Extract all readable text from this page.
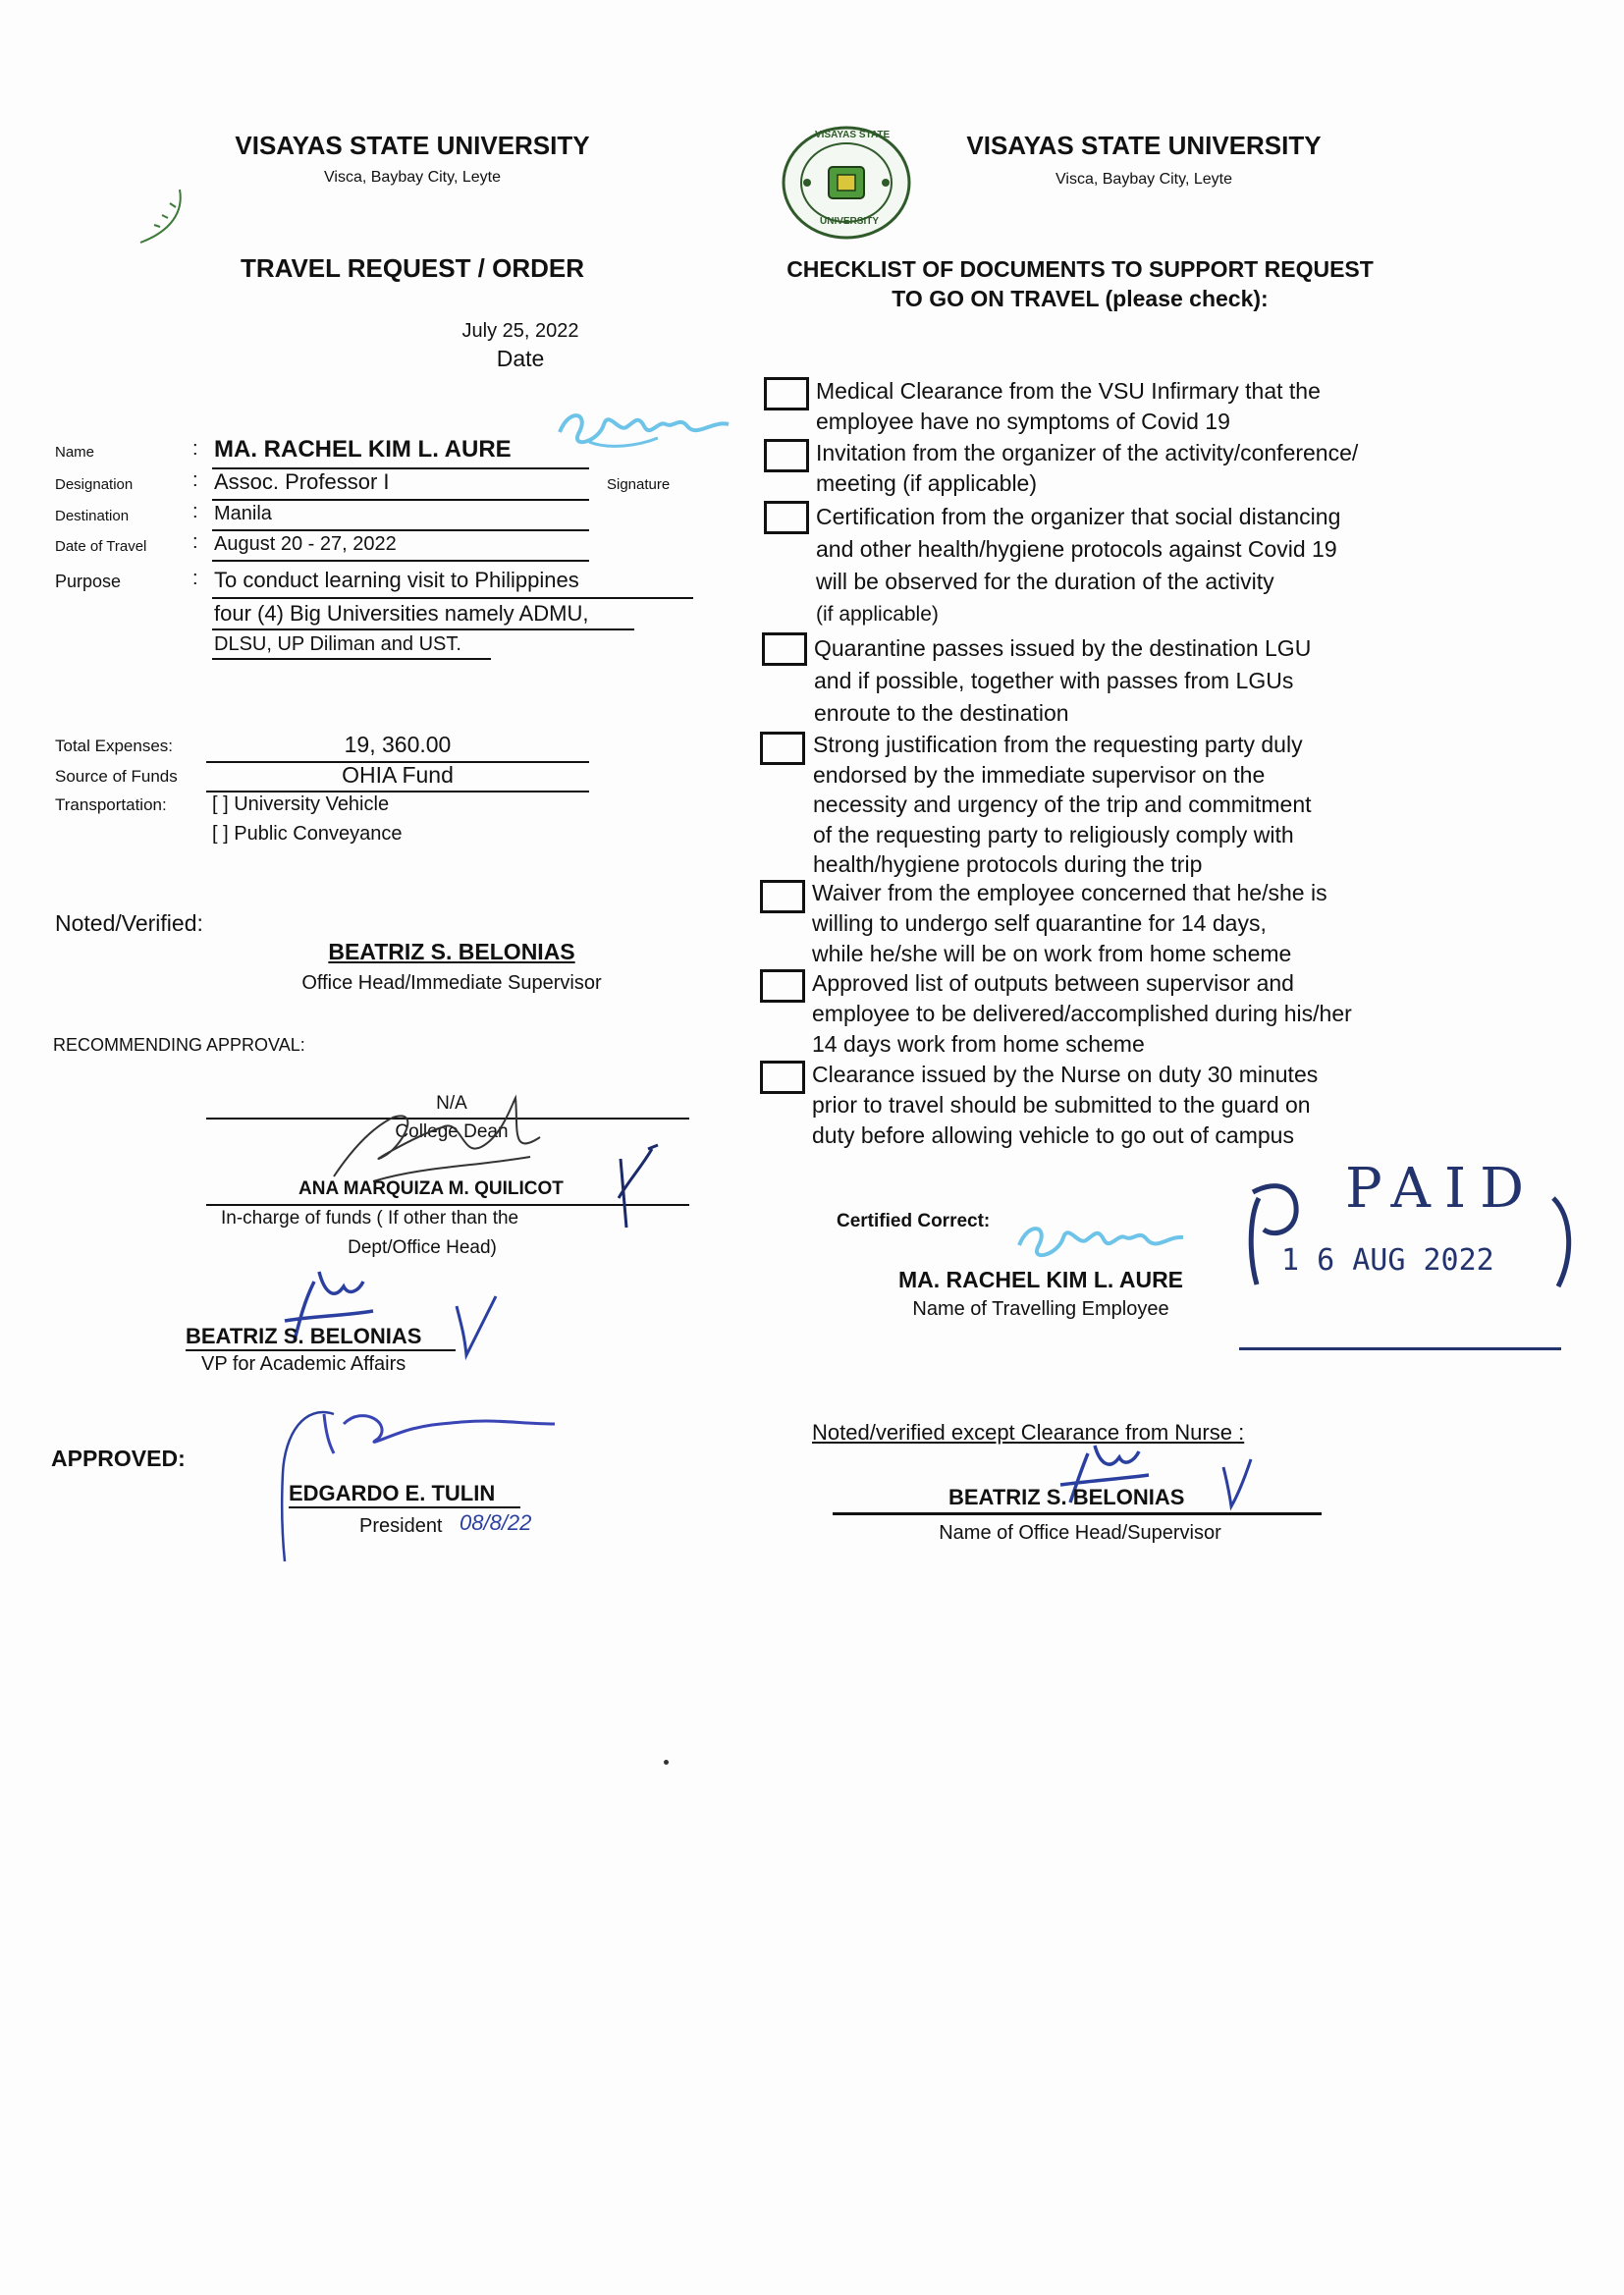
VISAYAS STATE UNIVERSITY
Visca, Baybay City, Leyte
TRAVEL REQUEST / ORDER
July 25, 2022
Date
Name	: MA. RACHEL KIM L. AURE
Signature
Designation	: Assoc. Professor I
Destination	: Manila
Date of Travel : August 20 - 27, 2022
Purpose	: To conduct learning visit to Philippines
four (4) Big Universities namely ADMU,
DLSU, UP Diliman and UST.
Total Expenses:	19, 360.00
Source of Funds	OHIA Fund
Transportation: [ ] University Vehicle
[ ] Public Conveyance
Noted/Verified:
BEATRIZ S. BELONIAS
Office Head/Immediate Supervisor
RECOMMENDING APPROVAL:
N/A
College Dean
ANA MARQUIZA M. QUILICOT
In-charge of funds ( If other than the
Dept/Office Head)
BEATRIZ S. BELONIAS
VP for Academic Affairs
APPROVED:
EDGARDO E. TULIN
President 08/8/22
VISAYAS STATE
UNIVERSITY
VISAYAS STATE UNIVERSITY
Visca, Baybay City, Leyte
CHECKLIST OF DOCUMENTS TO SUPPORT REQUEST
TO GO ON TRAVEL (please check):
Medical Clearance from the VSU Infirmary that the
employee have no symptoms of Covid 19
Invitation from the organizer of the activity/conference/
meeting (if applicable)
Certification from the organizer that social distancing
and other health/hygiene protocols against Covid 19
will be observed for the duration of the activity
(if applicable)
Quarantine passes issued by the destination LGU
and if possible, together with passes from LGUs
enroute to the destination
Strong justification from the requesting party duly
endorsed by the immediate supervisor on the
necessity and urgency of the trip and commitment
of the requesting party to religiously comply with
health/hygiene protocols during the trip
Waiver from the employee concerned that he/she is
willing to undergo self quarantine for 14 days,
while he/she will be on work from home scheme
Approved list of outputs between supervisor and
employee to be delivered/accomplished during his/her
14 days work from home scheme
Clearance issued by the Nurse on duty 30 minutes
prior to travel should be submitted to the guard on
duty before allowing vehicle to go out of campus
Certified Correct:
MA. RACHEL KIM L. AURE
Name of Travelling Employee
PAID
1 6 AUG 2022
Noted/verified except Clearance from Nurse :
BEATRIZ S. BELONIAS
Name of Office Head/Supervisor
